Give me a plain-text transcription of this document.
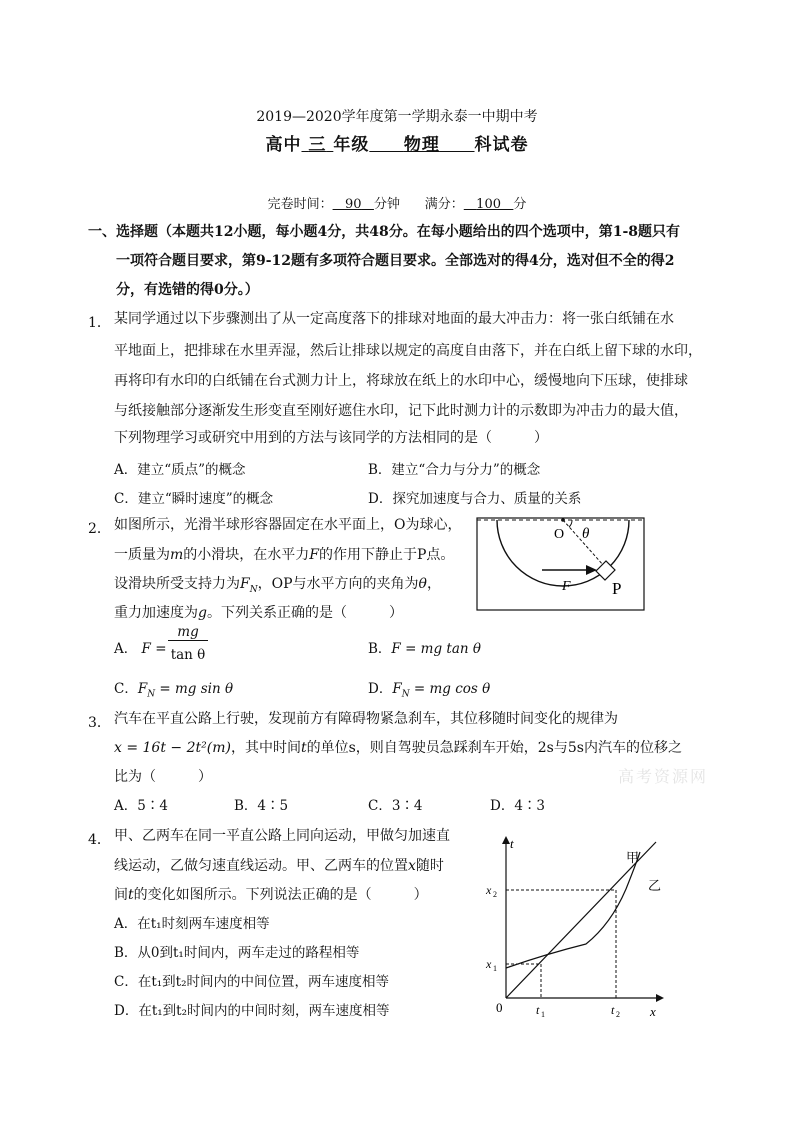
2019—2020学年度第一学期永泰一中期中考
高中 三 年级 物理 科试卷
完卷时间： 90 分钟 满分： 100 分
一、选择题（本题共12小题，每小题4分，共48分。在每小题给出的四个选项中，第1-8题只有
一项符合题目要求，第9-12题有多项符合题目要求。全部选对的得4分，选对但不全的得2
分，有选错的得0分。）
1． 某同学通过以下步骤测出了从一定高度落下的排球对地面的最大冲击力：将一张白纸铺在水
平地面上，把排球在水里弄湿，然后让排球以规定的高度自由落下，并在白纸上留下球的水印，
再将印有水印的白纸铺在台式测力计上，将球放在纸上的水印中心，缓慢地向下压球，使排球
与纸接触部分逐渐发生形变直至刚好遮住水印，记下此时测力计的示数即为冲击力的最大值，
下列物理学习或研究中用到的方法与该同学的方法相同的是（　　　）
A．建立“质点”的概念	B．建立“合力与分力”的概念
C．建立“瞬时速度”的概念	D．探究加速度与合力、质量的关系
2． 如图所示，光滑半球形容器固定在水平面上，O为球心，
一质量为m的小滑块，在水平力F的作用下静止于P点。
设滑块所受支持力为$F_N$，OP与水平方向的夹角为θ，
重力加速度为g。下列关系正确的是（　　　）
A． F =
mg
tan θ	B．F = mg tan θ
C．$F_N$ = mg sin θ	D．$F_N$ = mg cos θ
O θ
F P
3． 汽车在平直公路上行驶，发现前方有障碍物紧急刹车，其位移随时间变化的规律为
x = 16t − 2t²(m)，其中时间t的单位s，则自驾驶员急踩刹车开始，2s与5s内汽车的位移之
比为（　　　）	高考资源网
A．5∶4	B．4∶5	C．3∶4	D．4∶3
4． 甲、乙两车在同一平直公路上同向运动，甲做匀加速直
线运动，乙做匀速直线运动。甲、乙两车的位置x随时
间t的变化如图所示。下列说法正确的是（　　　）
A．在t₁时刻两车速度相等
B．从0到t₁时间内，两车走过的路程相等
C．在t₁到t₂时间内的中间位置，两车速度相等
D．在t₁到t₂时间内的中间时刻，两车速度相等
t
x
0
x 1
x 2
t 1	t 2
甲
乙
